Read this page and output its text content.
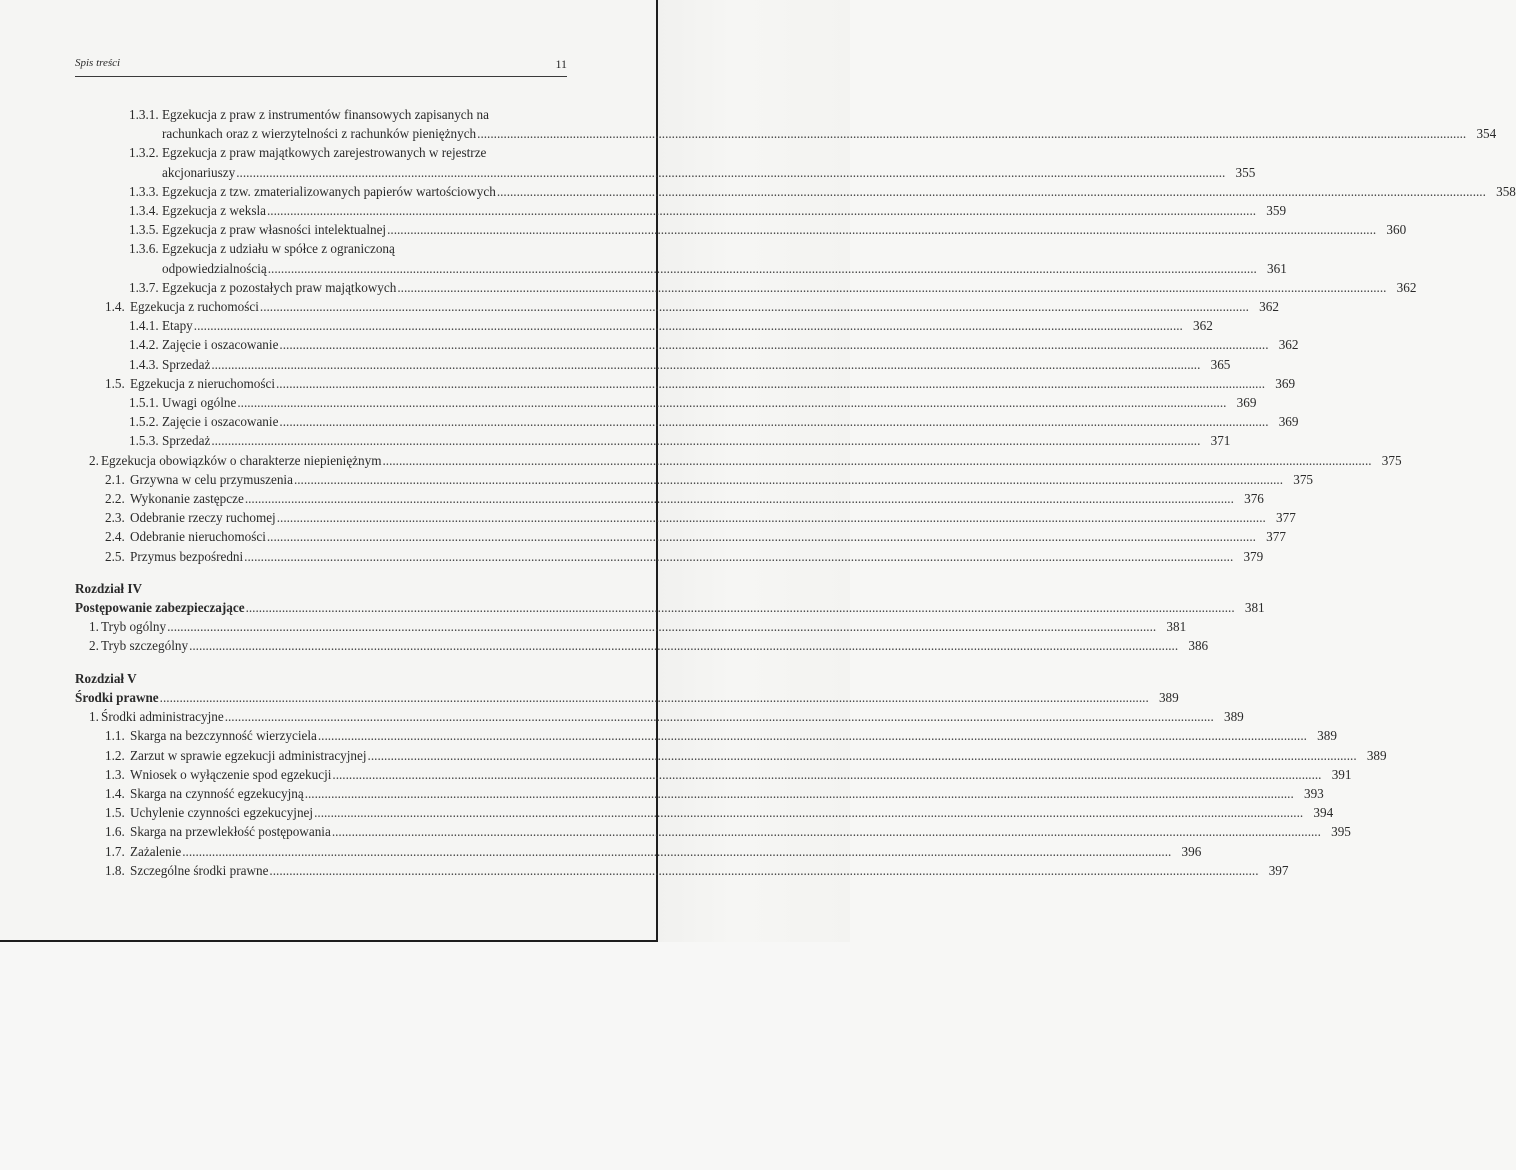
Spis treści	11
1.3.1. Egzekucja z praw z instrumentów finansowych zapisanych na
rachunkach oraz z wierzytelności z rachunków pieniężnych ............................................................................................................................................................................................................................................................................................................ 354
1.3.2. Egzekucja z praw majątkowych zarejestrowanych w rejestrze
akcjonariuszy ............................................................................................................................................................................................................................................................................................................ 355
1.3.3. Egzekucja z tzw. zmaterializowanych papierów wartościowych ............................................................................................................................................................................................................................................................................................................ 358
1.3.4. Egzekucja z weksla ............................................................................................................................................................................................................................................................................................................ 359
1.3.5. Egzekucja z praw własności intelektualnej ............................................................................................................................................................................................................................................................................................................ 360
1.3.6. Egzekucja z udziału w spółce z ograniczoną
odpowiedzialnością ............................................................................................................................................................................................................................................................................................................ 361
1.3.7. Egzekucja z pozostałych praw majątkowych ............................................................................................................................................................................................................................................................................................................ 362
1.4. Egzekucja z ruchomości ............................................................................................................................................................................................................................................................................................................ 362
1.4.1. Etapy ............................................................................................................................................................................................................................................................................................................ 362
1.4.2. Zajęcie i oszacowanie ............................................................................................................................................................................................................................................................................................................ 362
1.4.3. Sprzedaż ............................................................................................................................................................................................................................................................................................................ 365
1.5. Egzekucja z nieruchomości ............................................................................................................................................................................................................................................................................................................ 369
1.5.1. Uwagi ogólne ............................................................................................................................................................................................................................................................................................................ 369
1.5.2. Zajęcie i oszacowanie ............................................................................................................................................................................................................................................................................................................ 369
1.5.3. Sprzedaż ............................................................................................................................................................................................................................................................................................................ 371
2. Egzekucja obowiązków o charakterze niepieniężnym ............................................................................................................................................................................................................................................................................................................ 375
2.1. Grzywna w celu przymuszenia ............................................................................................................................................................................................................................................................................................................ 375
2.2. Wykonanie zastępcze ............................................................................................................................................................................................................................................................................................................ 376
2.3. Odebranie rzeczy ruchomej ............................................................................................................................................................................................................................................................................................................ 377
2.4. Odebranie nieruchomości ............................................................................................................................................................................................................................................................................................................ 377
2.5. Przymus bezpośredni ............................................................................................................................................................................................................................................................................................................ 379
Rozdział IV
Postępowanie zabezpieczające ............................................................................................................................................................................................................................................................................................................ 381
1. Tryb ogólny ............................................................................................................................................................................................................................................................................................................ 381
2. Tryb szczególny ............................................................................................................................................................................................................................................................................................................ 386
Rozdział V
Środki prawne ............................................................................................................................................................................................................................................................................................................ 389
1. Środki administracyjne ............................................................................................................................................................................................................................................................................................................ 389
1.1. Skarga na bezczynność wierzyciela ............................................................................................................................................................................................................................................................................................................ 389
1.2. Zarzut w sprawie egzekucji administracyjnej ............................................................................................................................................................................................................................................................................................................ 389
1.3. Wniosek o wyłączenie spod egzekucji ............................................................................................................................................................................................................................................................................................................ 391
1.4. Skarga na czynność egzekucyjną ............................................................................................................................................................................................................................................................................................................ 393
1.5. Uchylenie czynności egzekucyjnej ............................................................................................................................................................................................................................................................................................................ 394
1.6. Skarga na przewlekłość postępowania ............................................................................................................................................................................................................................................................................................................ 395
1.7. Zażalenie ............................................................................................................................................................................................................................................................................................................ 396
1.8. Szczególne środki prawne ............................................................................................................................................................................................................................................................................................................ 397
